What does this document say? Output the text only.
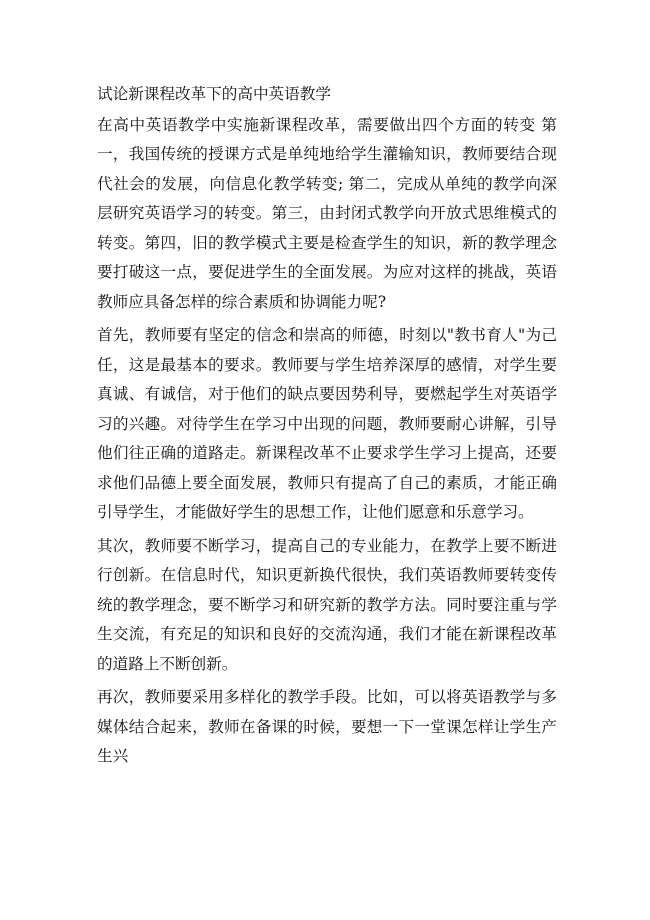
试论新课程改革下的高中英语教学
在高中英语教学中实施新课程改革，需要做出四个方面的转变 第一，我国传统的授课方式是单纯地给学生灌输知识，教师要结合现代社会的发展，向信息化教学转变; 第二，完成从单纯的教学向深层研究英语学习的转变。第三，由封闭式教学向开放式思维模式的转变。第四，旧的教学模式主要是检查学生的知识，新的教学理念要打破这一点，要促进学生的全面发展。为应对这样的挑战，英语教师应具备怎样的综合素质和协调能力呢?
首先，教师要有坚定的信念和崇高的师德，时刻以"教书育人"为己任，这是最基本的要求。教师要与学生培养深厚的感情，对学生要真诚、有诚信，对于他们的缺点要因势利导，要燃起学生对英语学习的兴趣。对待学生在学习中出现的问题，教师要耐心讲解，引导他们往正确的道路走。新课程改革不止要求学生学习上提高，还要求他们品德上要全面发展，教师只有提高了自己的素质，才能正确引导学生，才能做好学生的思想工作，让他们愿意和乐意学习。
其次，教师要不断学习，提高自己的专业能力，在教学上要不断进行创新。在信息时代，知识更新换代很快，我们英语教师要转变传统的教学理念，要不断学习和研究新的教学方法。同时要注重与学生交流，有充足的知识和良好的交流沟通，我们才能在新课程改革的道路上不断创新。
再次，教师要采用多样化的教学手段。比如，可以将英语教学与多媒体结合起来，教师在备课的时候，要想一下一堂课怎样让学生产生兴
